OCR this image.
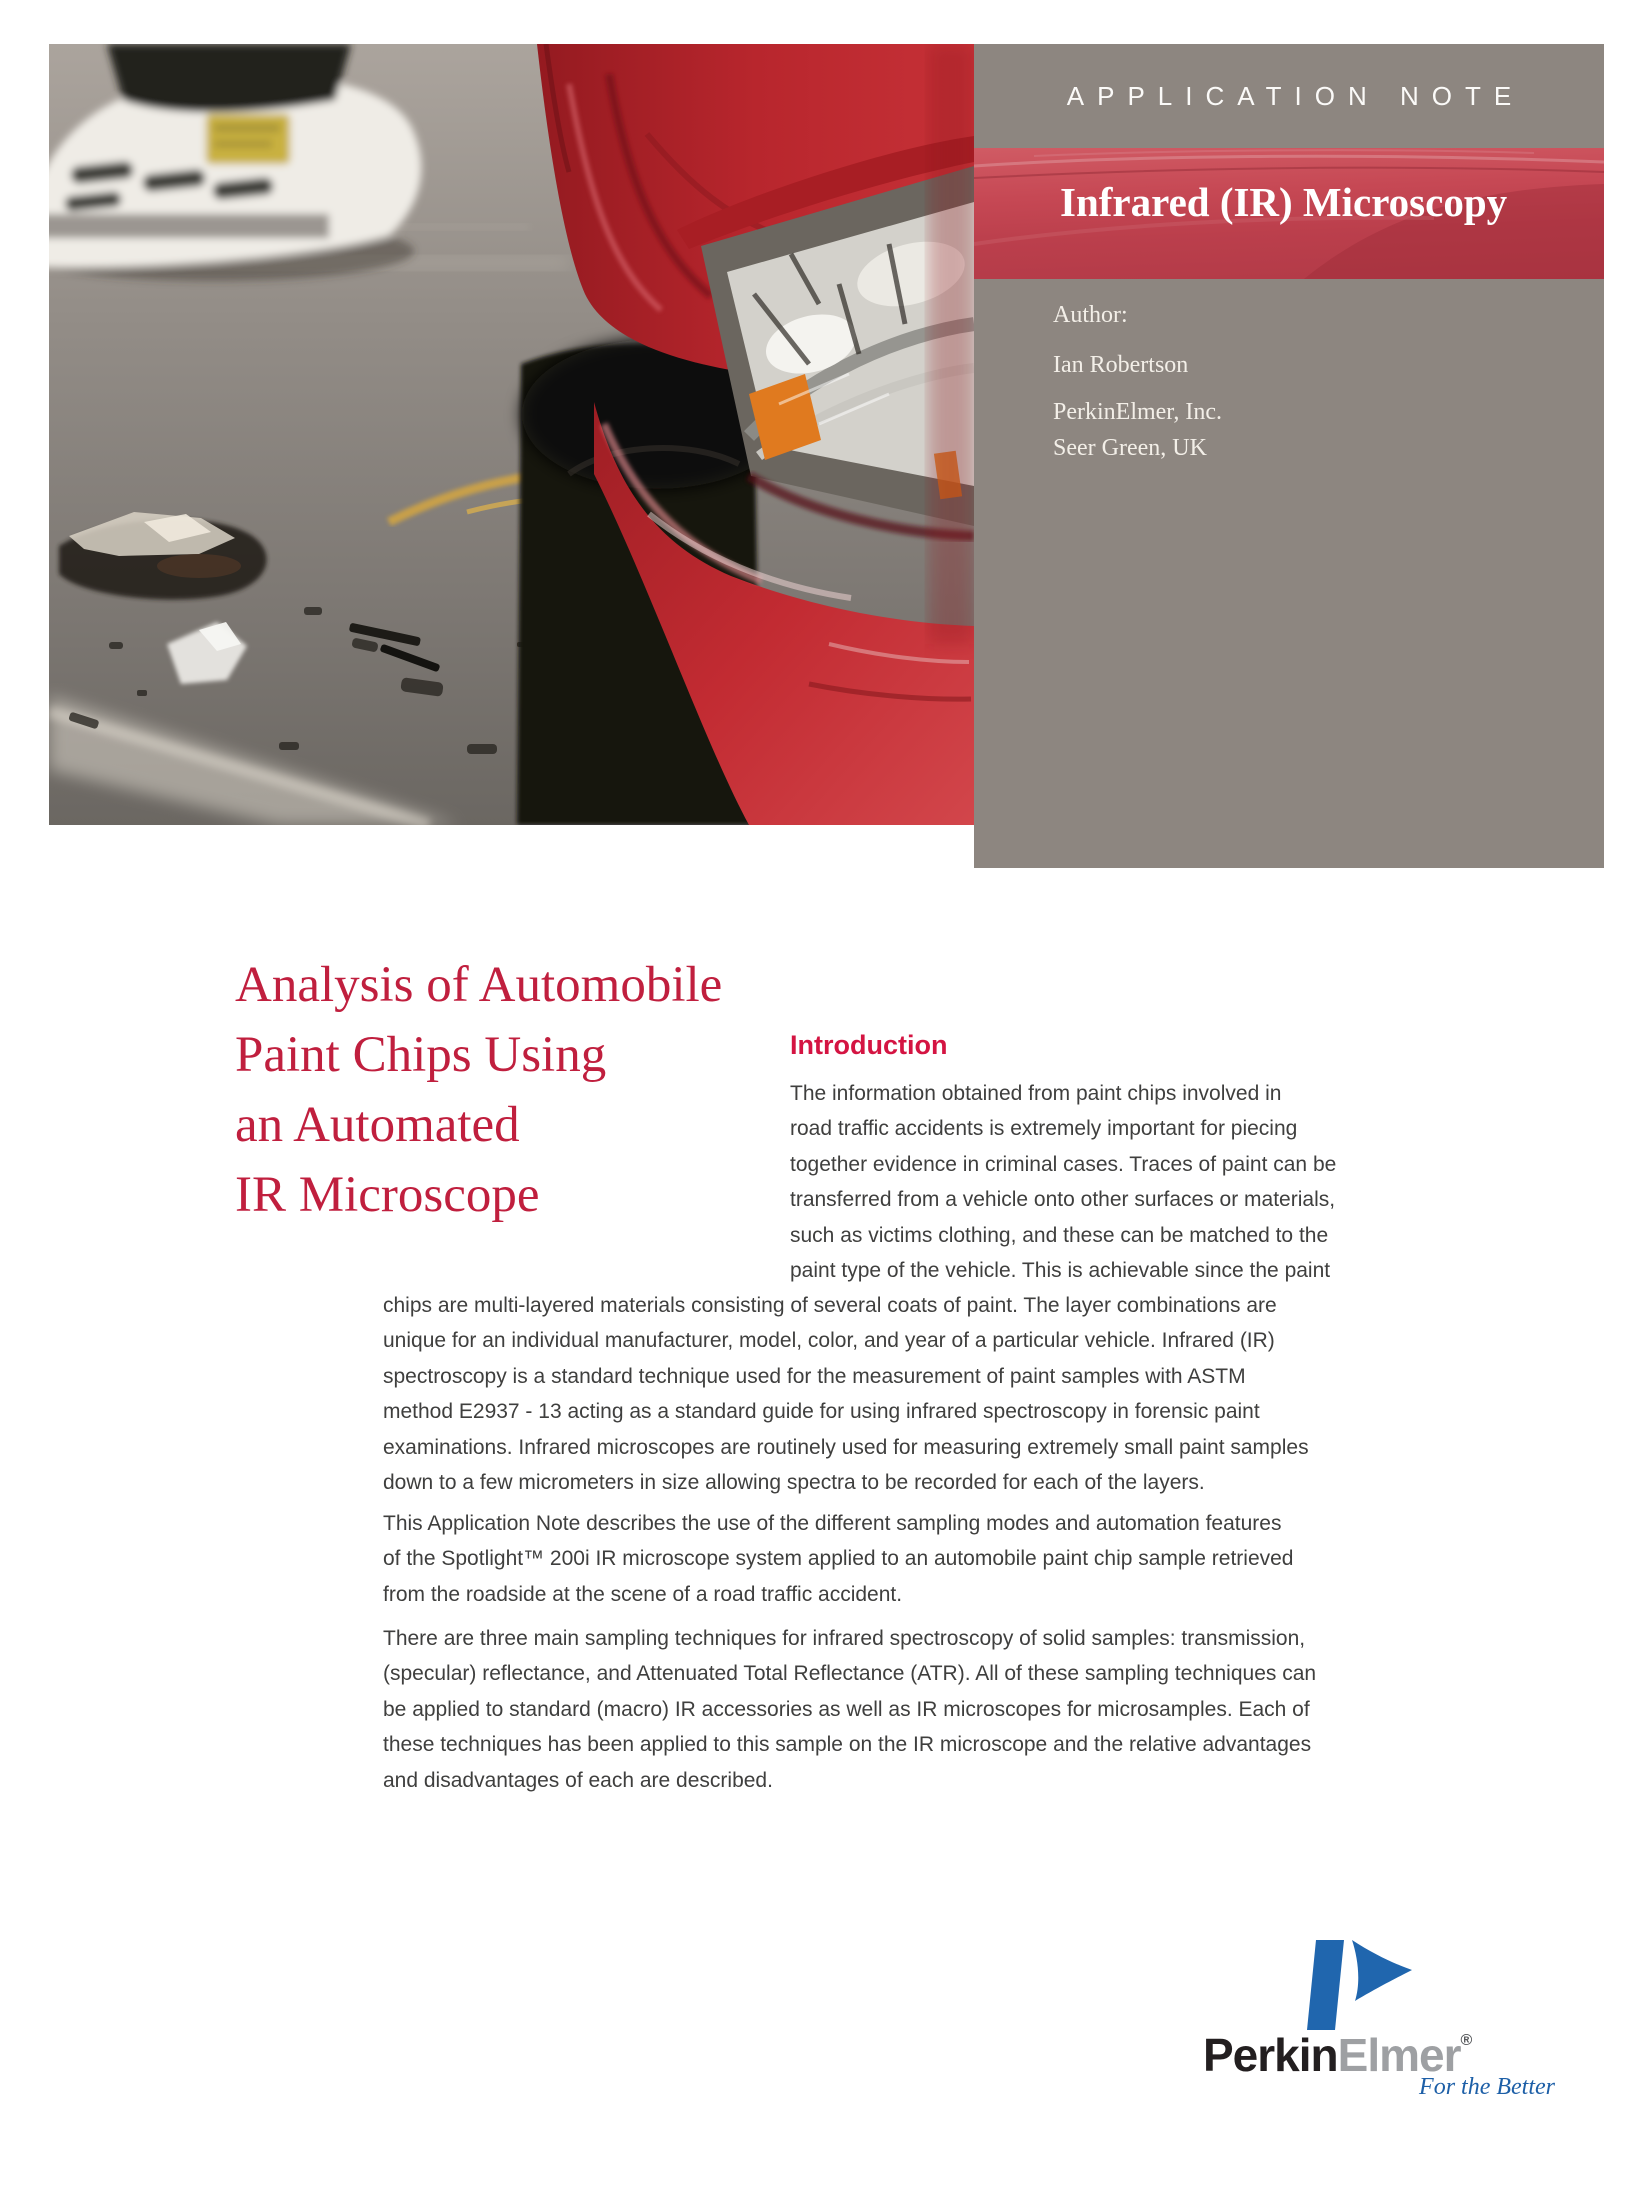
APPLICATION NOTE
Infrared (IR) Microscopy
Author:
Ian Robertson
PerkinElmer, Inc.
Seer Green, UK
Analysis of Automobile
Paint Chips Using
an Automated
IR Microscope
Introduction
The information obtained from paint chips involved in
road traffic accidents is extremely important for piecing
together evidence in criminal cases. Traces of paint can be
transferred from a vehicle onto other surfaces or materials,
such as victims clothing, and these can be matched to the
paint type of the vehicle. This is achievable since the paint
chips are multi-layered materials consisting of several coats of paint. The layer combinations are
unique for an individual manufacturer, model, color, and year of a particular vehicle. Infrared (IR)
spectroscopy is a standard technique used for the measurement of paint samples with ASTM
method E2937 - 13 acting as a standard guide for using infrared spectroscopy in forensic paint
examinations. Infrared microscopes are routinely used for measuring extremely small paint samples
down to a few micrometers in size allowing spectra to be recorded for each of the layers.
This Application Note describes the use of the different sampling modes and automation features
of the Spotlight™ 200i IR microscope system applied to an automobile paint chip sample retrieved
from the roadside at the scene of a road traffic accident.
There are three main sampling techniques for infrared spectroscopy of solid samples: transmission,
(specular) reflectance, and Attenuated Total Reflectance (ATR). All of these sampling techniques can
be applied to standard (macro) IR accessories as well as IR microscopes for microsamples. Each of
these techniques has been applied to this sample on the IR microscope and the relative advantages
and disadvantages of each are described.
PerkinElmer®
For the Better
